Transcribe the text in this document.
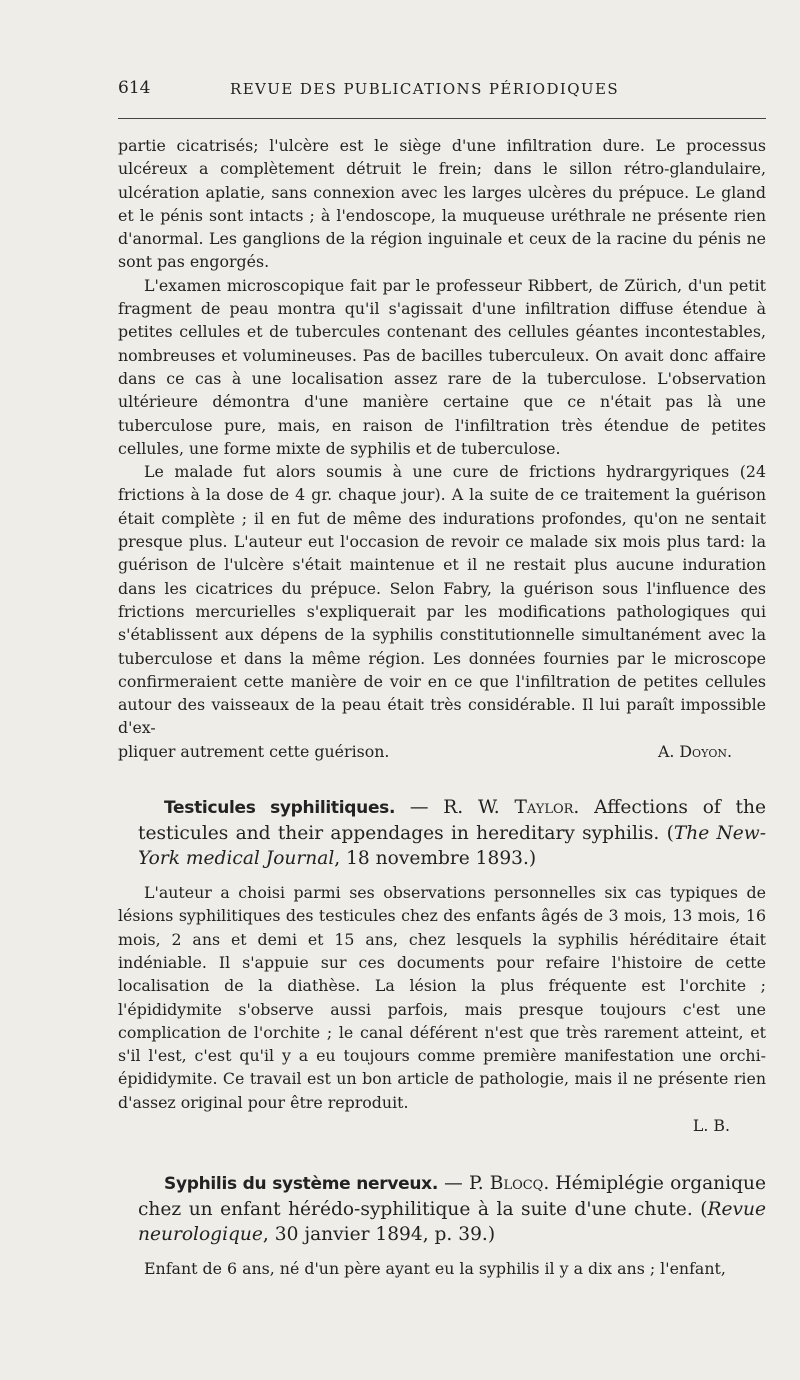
614	REVUE DES PUBLICATIONS PÉRIODIQUES

partie cicatrisés; l'ulcère est le siège d'une infiltration dure. Le processus ulcéreux a complètement détruit le frein; dans le sillon rétro-glandulaire, ulcération aplatie, sans connexion avec les larges ulcères du prépuce. Le gland et le pénis sont intacts ; à l'endoscope, la muqueuse uréthrale ne présente rien d'anormal. Les ganglions de la région inguinale et ceux de la racine du pénis ne sont pas engorgés.

L'examen microscopique fait par le professeur Ribbert, de Zürich, d'un petit fragment de peau montra qu'il s'agissait d'une infiltration diffuse étendue à petites cellules et de tubercules contenant des cellules géantes incontestables, nombreuses et volumineuses. Pas de bacilles tuberculeux. On avait donc affaire dans ce cas à une localisation assez rare de la tuberculose. L'observation ultérieure démontra d'une manière certaine que ce n'était pas là une tuberculose pure, mais, en raison de l'infiltration très étendue de petites cellules, une forme mixte de syphilis et de tuberculose.

Le malade fut alors soumis à une cure de frictions hydrargyriques (24 frictions à la dose de 4 gr. chaque jour). A la suite de ce traitement la guérison était complète ; il en fut de même des indurations profondes, qu'on ne sentait presque plus. L'auteur eut l'occasion de revoir ce malade six mois plus tard: la guérison de l'ulcère s'était maintenue et il ne restait plus aucune induration dans les cicatrices du prépuce. Selon Fabry, la guérison sous l'influence des frictions mercurielles s'expliquerait par les modifications pathologiques qui s'établissent aux dépens de la syphilis constitutionnelle simultanément avec la tuberculose et dans la même région. Les données fournies par le microscope confirmeraient cette manière de voir en ce que l'infiltration de petites cellules autour des vaisseaux de la peau était très considérable. Il lui paraît impossible d'ex-

pliquer autrement cette guérison.	A. Doyon.

Testicules syphilitiques. — R. W. Taylor. Affections of the testicules and their appendages in hereditary syphilis. (The New-York medical Journal, 18 novembre 1893.)

L'auteur a choisi parmi ses observations personnelles six cas typiques de lésions syphilitiques des testicules chez des enfants âgés de 3 mois, 13 mois, 16 mois, 2 ans et demi et 15 ans, chez lesquels la syphilis héréditaire était indéniable. Il s'appuie sur ces documents pour refaire l'histoire de cette localisation de la diathèse. La lésion la plus fréquente est l'orchite ; l'épididymite s'observe aussi parfois, mais presque toujours c'est une complication de l'orchite ; le canal déférent n'est que très rarement atteint, et s'il l'est, c'est qu'il y a eu toujours comme première manifestation une orchi-épididymite. Ce travail est un bon article de pathologie, mais il ne présente rien d'assez original pour être reproduit.

L. B.

Syphilis du système nerveux. — P. Blocq. Hémiplégie organique chez un enfant hérédo-syphilitique à la suite d'une chute. (Revue neurologique, 30 janvier 1894, p. 39.)

Enfant de 6 ans, né d'un père ayant eu la syphilis il y a dix ans ; l'enfant,
